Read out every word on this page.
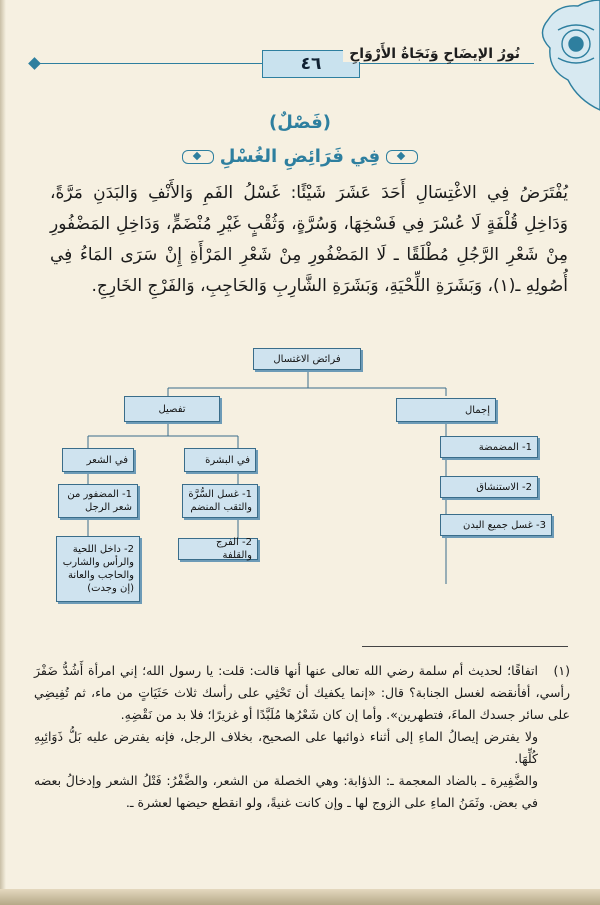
٤٦	نُورُ الإيضَاحِ وَنَجَاةُ الأَرْوَاحِ
(فَصْلٌ)
فِي فَرَائِضِ الغُسْلِ
يُفْتَرَضُ فِي الاغْتِسَالِ أَحَدَ عَشَرَ شَيْئًا: غَسْلُ الفَمِ وَالأَنْفِ وَالبَدَنِ مَرَّةً، وَدَاخِلِ قُلْفَةٍ لَا عُسْرَ فِي فَسْخِهَا، وَسُرَّةٍ، وَثُقْبٍ غَيْرِ مُنْضَمٍّ، وَدَاخِلِ المَضْفُورِ مِنْ شَعْرِ الرَّجُلِ مُطْلَقًا ـ لَا المَضْفُورِ مِنْ شَعْرِ المَرْأَةِ إِنْ سَرَى المَاءُ فِي أُصُولِهِ ـ(١)، وَبَشَرَةِ اللِّحْيَةِ، وَبَشَرَةِ الشَّارِبِ وَالحَاجِبِ، وَالفَرْجِ الخَارِجِ.
فرائض الاغتسال
إجمال
تفصيل
1- المضمضة
2- الاستنشاق
3- غسل جميع البدن
في البشرة
1- غسل السُّرَّة والثقب المنضم
2- الفرج والقلفة
في الشعر
1- المضفور من شعر الرجل
2- داخل اللحية والرأس والشارب والحاجب والعانة (إن وجدت)

(١)اتفاقًا؛ لحديث أم سلمة رضي الله تعالى عنها أنها قالت: قلت: يا رسول الله؛ إني امرأة أَشُدُّ ضَفْرَ رأسي، أفأنقضه لغسل الجنابة؟ قال: «إنما يكفيك أن تَحْثِي على رأسك ثلاث حَثَيَاتٍ من ماء، ثم تُفِيضِي على سائر جسدك الماءَ، فتطهرين». وأما إن كان شَعْرُها مُلَبَّدًا أو غزيرًا؛ فلا بد من نَقْضِهِ.

ولا يفترض إيصالُ الماءِ إلى أثناء ذوائبها على الصحيح، بخلاف الرجل، فإنه يفترض عليه بَلُّ ذَوَائِبِهِ كُلِّهَا.

والضَّفِيرة ـ بالضاد المعجمة ـ: الذؤابة: وهي الخصلة من الشعر، والضَّفْرُ: فَتْلُ الشعر وإدخالُ بعضه في بعض. وثَمَنُ الماءِ على الزوج لها ـ وإن كانت غنيةً، ولو انقطع حيضها لعشرة ـ.
